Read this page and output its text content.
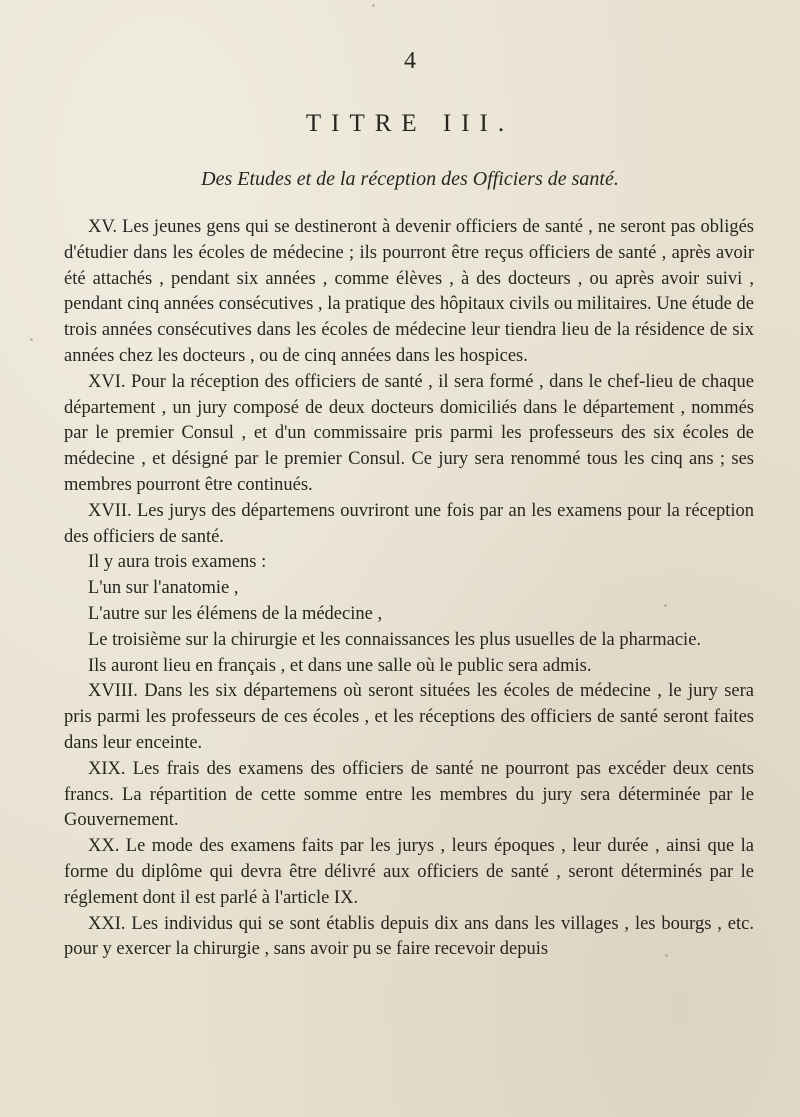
4
TITRE III.
Des Etudes et de la réception des Officiers de santé.

XV. Les jeunes gens qui se destineront à devenir officiers de santé , ne seront pas obligés d'étudier dans les écoles de médecine ; ils pourront être reçus officiers de santé , après avoir été attachés , pendant six années , comme élèves , à des docteurs , ou après avoir suivi , pendant cinq années consécutives , la pratique des hôpitaux civils ou militaires. Une étude de trois années consécutives dans les écoles de médecine leur tiendra lieu de la résidence de six années chez les docteurs , ou de cinq années dans les hospices.

XVI. Pour la réception des officiers de santé , il sera formé , dans le chef-lieu de chaque département , un jury composé de deux docteurs domiciliés dans le département , nommés par le premier Consul , et d'un commissaire pris parmi les professeurs des six écoles de médecine , et désigné par le premier Consul. Ce jury sera renommé tous les cinq ans ; ses membres pourront être continués.

XVII. Les jurys des départemens ouvriront une fois par an les examens pour la réception des officiers de santé.

Il y aura trois examens :

L'un sur l'anatomie ,

L'autre sur les élémens de la médecine ,

Le troisième sur la chirurgie et les connaissances les plus usuelles de la pharmacie.

Ils auront lieu en français , et dans une salle où le public sera admis.

XVIII. Dans les six départemens où seront situées les écoles de médecine , le jury sera pris parmi les professeurs de ces écoles , et les réceptions des officiers de santé seront faites dans leur enceinte.

XIX. Les frais des examens des officiers de santé ne pourront pas excéder deux cents francs. La répartition de cette somme entre les membres du jury sera déterminée par le Gouvernement.

XX. Le mode des examens faits par les jurys , leurs époques , leur durée , ainsi que la forme du diplôme qui devra être délivré aux officiers de santé , seront déterminés par le réglement dont il est parlé à l'article IX.

XXI. Les individus qui se sont établis depuis dix ans dans les villages , les bourgs , etc. pour y exercer la chirurgie , sans avoir pu se faire recevoir depuis
